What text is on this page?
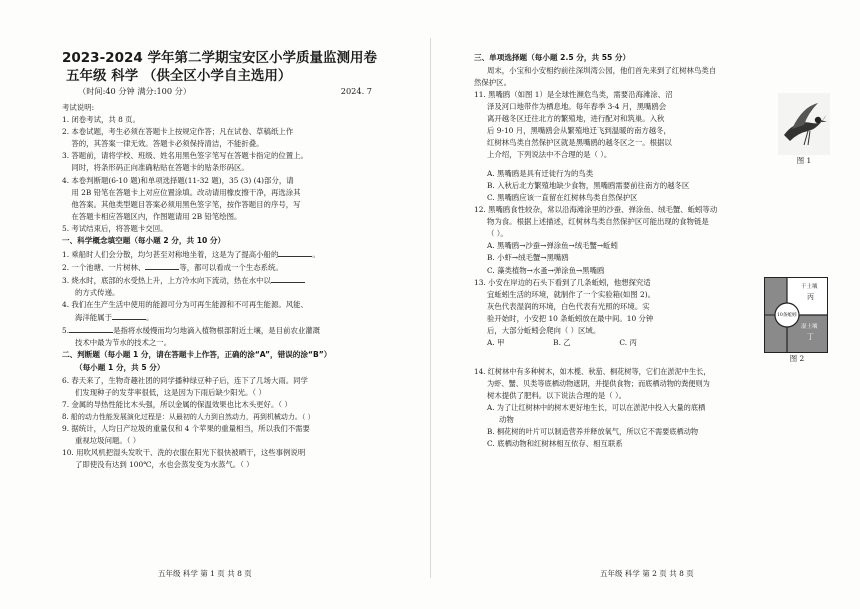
2023-2024 学年第二学期宝安区小学质量监测用卷

五年级 科学 （供全区小学自主选用）

（时间:40 分钟 满分:100 分）	2024. 7

考试说明:

1. 闭卷考试，共 8 页。

2. 本卷试题，考生必须在答题卡上按规定作答；凡在试卷、草稿纸上作

答的，其答案一律无效。答题卡必须保持清洁，不能折叠。

3. 答题前，请将学校、班级、姓名用黑色签字笔写在答题卡指定的位置上。

同时，将条形码正向准确粘贴在答题卡的贴条形码区。

4. 本卷判断题(6-10 题)和单项选择题(11-32 题)，35 (3) (4)部分，请

用 2B 铅笔在答题卡上对应位置涂填。改动请用橡皮擦干净，再选涂其

他答案。其他类型题目答案必须用黑色签字笔，按作答题目的序号，写

在答题卡相应答题区内，作图题请用 2B 铅笔绘图。

5. 考试结束后，将答题卡交回。

一、科学概念填空题（每小题 2 分，共 10 分）

1. 乘船时人们会分散，均匀甚至对称地坐着，这是为了提高小船的	。

2. 一个池塘、一片树林、	等，都可以看成一个生态系统。

3. 烧水时，底部的水受热上升，上方冷水向下流动，热在水中以

的方式传递。

4. 我们在生产生活中使用的能源可分为可再生能源和不可再生能源。风能、

海洋能属于	。

5.	是指将水缓慢而均匀地滴入植物根部附近土壤，是目前农业灌溉

技术中最为节水的技术之一。

二、判断题（每小题 1 分，请在答题卡上作答，正确的涂“A”，错误的涂“B”）

（每小题 1 分，共 5 分）

6. 春天来了，生物奇趣社团的同学播种绿豆种子后，连下了几场大雨。同学

们发现种子的发芽率很低，这是因为下雨后缺少阳光。（ ）

7. 金属的导热性能比木头强，所以金属的保温效果也比木头更好。（ ）

8. 船的动力性能发展演化过程是：从最初的人力到自然动力，再到机械动力。（ ）

9. 据统计，人均日产垃圾的重量仅和 4 个苹果的重量相当，所以我们不需要

重视垃圾问题。（ ）

10. 用吹风机把湿头发吹干、洗的衣服在阳光下很快被晒干，这些事例说明

了即使没有达到 100℃，水也会蒸发变为水蒸气。（ ）

五年级 科学 第 1 页 共 8 页

三、单项选择题（每小题 2.5 分，共 55 分）

周末，小宝和小安相约前往深圳湾公园，他们首先来到了红树林鸟类自

然保护区。

图 1

11. 黑嘴鸥（如图 1）是全球性濒危鸟类，需要沿海滩涂、沼

泽及河口地带作为栖息地。每年春季 3-4 月，黑嘴鸥会

离开越冬区迁往北方的繁殖地，进行配对和筑巢。入秋

后 9-10 月，黑嘴鸥会从繁殖地迁飞到温暖的南方越冬，

红树林鸟类自然保护区就是黑嘴鸥的越冬区之一。根据以

上介绍，下列说法中不合理的是（ ）。

A. 黑嘴鸥是具有迁徙行为的鸟类

B. 入秋后北方繁殖地缺少食物，黑嘴鸥需要前往南方的越冬区

C. 黑嘴鸥应该一直留在红树林鸟类自然保护区

12. 黑嘴鸥食性较杂，常以沿海滩涂里的沙蚕、弹涂鱼、绒毛蟹、蚯蚓等动

物为食。根据上述描述，红树林鸟类自然保护区可能出现的食物链是

（ ）。

A. 黑嘴鸥→沙蚕→弹涂鱼→绒毛蟹→蚯蚓

B. 小虾→绒毛蟹→黑嘴鸥

C. 藻类植物→水蚤→弹涂鱼→黑嘴鸥

干土壤
丙
10条蚯蚓
湿土壤
丁

图 2

13. 小安在岸边的石头下看到了几条蚯蚓，他想探究适

宜蚯蚓生活的环境，就制作了一个实验箱(如图 2)。

灰色代表湿润的环境，白色代表有光照的环境。实

验开始时，小安把 10 条蚯蚓放在最中间。10 分钟

后，大部分蚯蚓会爬向（ ）区域。

A. 甲	B. 乙	C. 丙

14. 红树林中有多种树木，如木榄、秋茄、桐花树等，它们在淤泥中生长，

为虾、蟹、贝类等底栖动物遮阴，并提供食物；而底栖动物的粪便则为

树木提供了肥料。以下说法合理的是（ ）。

A. 为了让红树林中的树木更好地生长，可以在淤泥中投入大量的底栖

动物

B. 桐花树的叶片可以制造营养并释放氧气，所以它不需要底栖动物

C. 底栖动物和红树林相互依存、相互联系

五年级 科学 第 2 页 共 8 页
